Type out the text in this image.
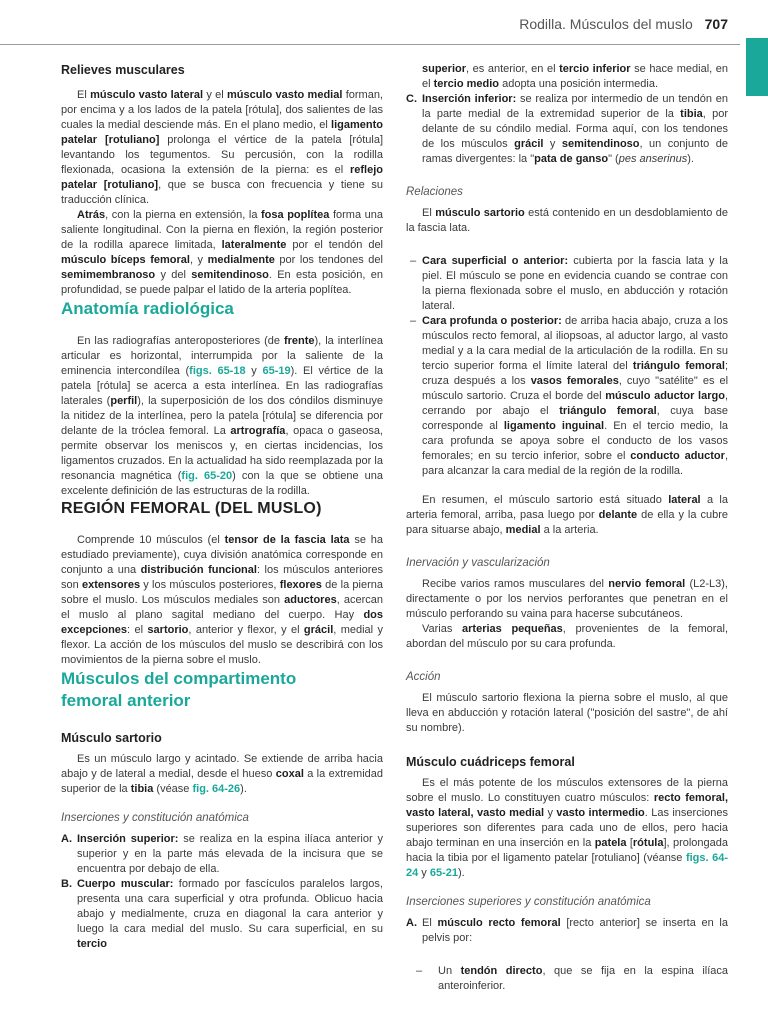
Rodilla. Músculos del muslo 707
Relieves musculares

El músculo vasto lateral y el músculo vasto medial forman, por encima y a los lados de la patela [rótula], dos salientes de las cuales la medial desciende más. En el plano medio, el ligamento patelar [rotuliano] prolonga el vértice de la patela [rótula] levantando los tegumentos. Su percusión, con la rodilla flexionada, ocasiona la extensión de la pierna: es el reflejo patelar [rotuliano], que se busca con frecuencia y tiene su traducción clínica.

Atrás, con la pierna en extensión, la fosa poplítea forma una saliente longitudinal. Con la pierna en flexión, la región posterior de la rodilla aparece limitada, lateralmente por el tendón del músculo bíceps femoral, y medialmente por los tendones del semimembranoso y del semitendinoso. En esta posición, en profundidad, se puede palpar el latido de la arteria poplítea.

Anatomía radiológica

En las radiografías anteroposteriores (de frente), la interlínea articular es horizontal, interrumpida por la saliente de la eminencia intercondílea (figs. 65-18 y 65-19). El vértice de la patela [rótula] se acerca a esta interlínea. En las radiografías laterales (perfil), la superposición de los dos cóndilos disminuye la nitidez de la interlínea, pero la patela [rótula] se diferencia por delante de la tróclea femoral. La artrografía, opaca o gaseosa, permite observar los meniscos y, en ciertas incidencias, los ligamentos cruzados. En la actualidad ha sido reemplazada por la resonancia magnética (fig. 65-20) con la que se obtiene una excelente definición de las estructuras de la rodilla.

REGIÓN FEMORAL (DEL MUSLO)

Comprende 10 músculos (el tensor de la fascia lata se ha estudiado previamente), cuya división anatómica corresponde en conjunto a una distribución funcional: los músculos anteriores son extensores y los músculos posteriores, flexores de la pierna sobre el muslo. Los músculos mediales son aductores, acercan el muslo al plano sagital mediano del cuerpo. Hay dos excepciones: el sartorio, anterior y flexor, y el grácil, medial y flexor. La acción de los músculos del muslo se describirá con los movimientos de la pierna sobre el muslo.

Músculos del compartimento
femoral anterior
Músculo sartorio

Es un músculo largo y acintado. Se extiende de arriba hacia abajo y de lateral a medial, desde el hueso coxal a la extremidad superior de la tibia (véase fig. 64-26).

Inserciones y constitución anatómica
A. Inserción superior: se realiza en la espina ilíaca anterior y superior y en la parte más elevada de la incisura que se encuentra por debajo de ella.

B. Cuerpo muscular: formado por fascículos paralelos largos, presenta una cara superficial y otra profunda. Oblicuo hacia abajo y medialmente, cruza en diagonal la cara anterior y luego la cara medial del muslo. Su cara superficial, en su tercio

superior, es anterior, en el tercio inferior se hace medial, en el tercio medio adopta una posición intermedia.

C. Inserción inferior: se realiza por intermedio de un tendón en la parte medial de la extremidad superior de la tibia, por delante de su cóndilo medial. Forma aquí, con los tendones de los músculos grácil y semitendinoso, un conjunto de ramas divergentes: la "pata de ganso" (pes anserinus).

Relaciones

El músculo sartorio está contenido en un desdoblamiento de la fascia lata.

– Cara superficial o anterior: cubierta por la fascia lata y la piel. El músculo se pone en evidencia cuando se contrae con la pierna flexionada sobre el muslo, en abducción y rotación lateral.

– Cara profunda o posterior: de arriba hacia abajo, cruza a los músculos recto femoral, al iliopsoas, al aductor largo, al vasto medial y a la cara medial de la articulación de la rodilla. En su tercio superior forma el límite lateral del triángulo femoral; cruza después a los vasos femorales, cuyo "satélite" es el músculo sartorio. Cruza el borde del músculo aductor largo, cerrando por abajo el triángulo femoral, cuya base corresponde al ligamento inguinal. En el tercio medio, la cara profunda se apoya sobre el conducto de los vasos femorales; en su tercio inferior, sobre el conducto aductor, para alcanzar la cara medial de la región de la rodilla.

En resumen, el músculo sartorio está situado lateral a la arteria femoral, arriba, pasa luego por delante de ella y la cubre para situarse abajo, medial a la arteria.

Inervación y vascularización

Recibe varios ramos musculares del nervio femoral (L2-L3), directamente o por los nervios perforantes que penetran en el músculo perforando su vaina para hacerse subcutáneos.

Varias arterias pequeñas, provenientes de la femoral, abordan del músculo por su cara profunda.

Acción

El músculo sartorio flexiona la pierna sobre el muslo, al que lleva en abducción y rotación lateral ("posición del sastre", de ahí su nombre).

Músculo cuádriceps femoral

Es el más potente de los músculos extensores de la pierna sobre el muslo. Lo constituyen cuatro músculos: recto femoral, vasto lateral, vasto medial y vasto intermedio. Las inserciones superiores son diferentes para cada uno de ellos, pero hacia abajo terminan en una inserción en la patela [rótula], prolongada hacia la tibia por el ligamento patelar [rotuliano] (véanse figs. 64-24 y 65-21).

Inserciones superiores y constitución anatómica
A. El músculo recto femoral [recto anterior] se inserta en la pelvis por:

– Un tendón directo, que se fija en la espina ilíaca anteroinferior.
